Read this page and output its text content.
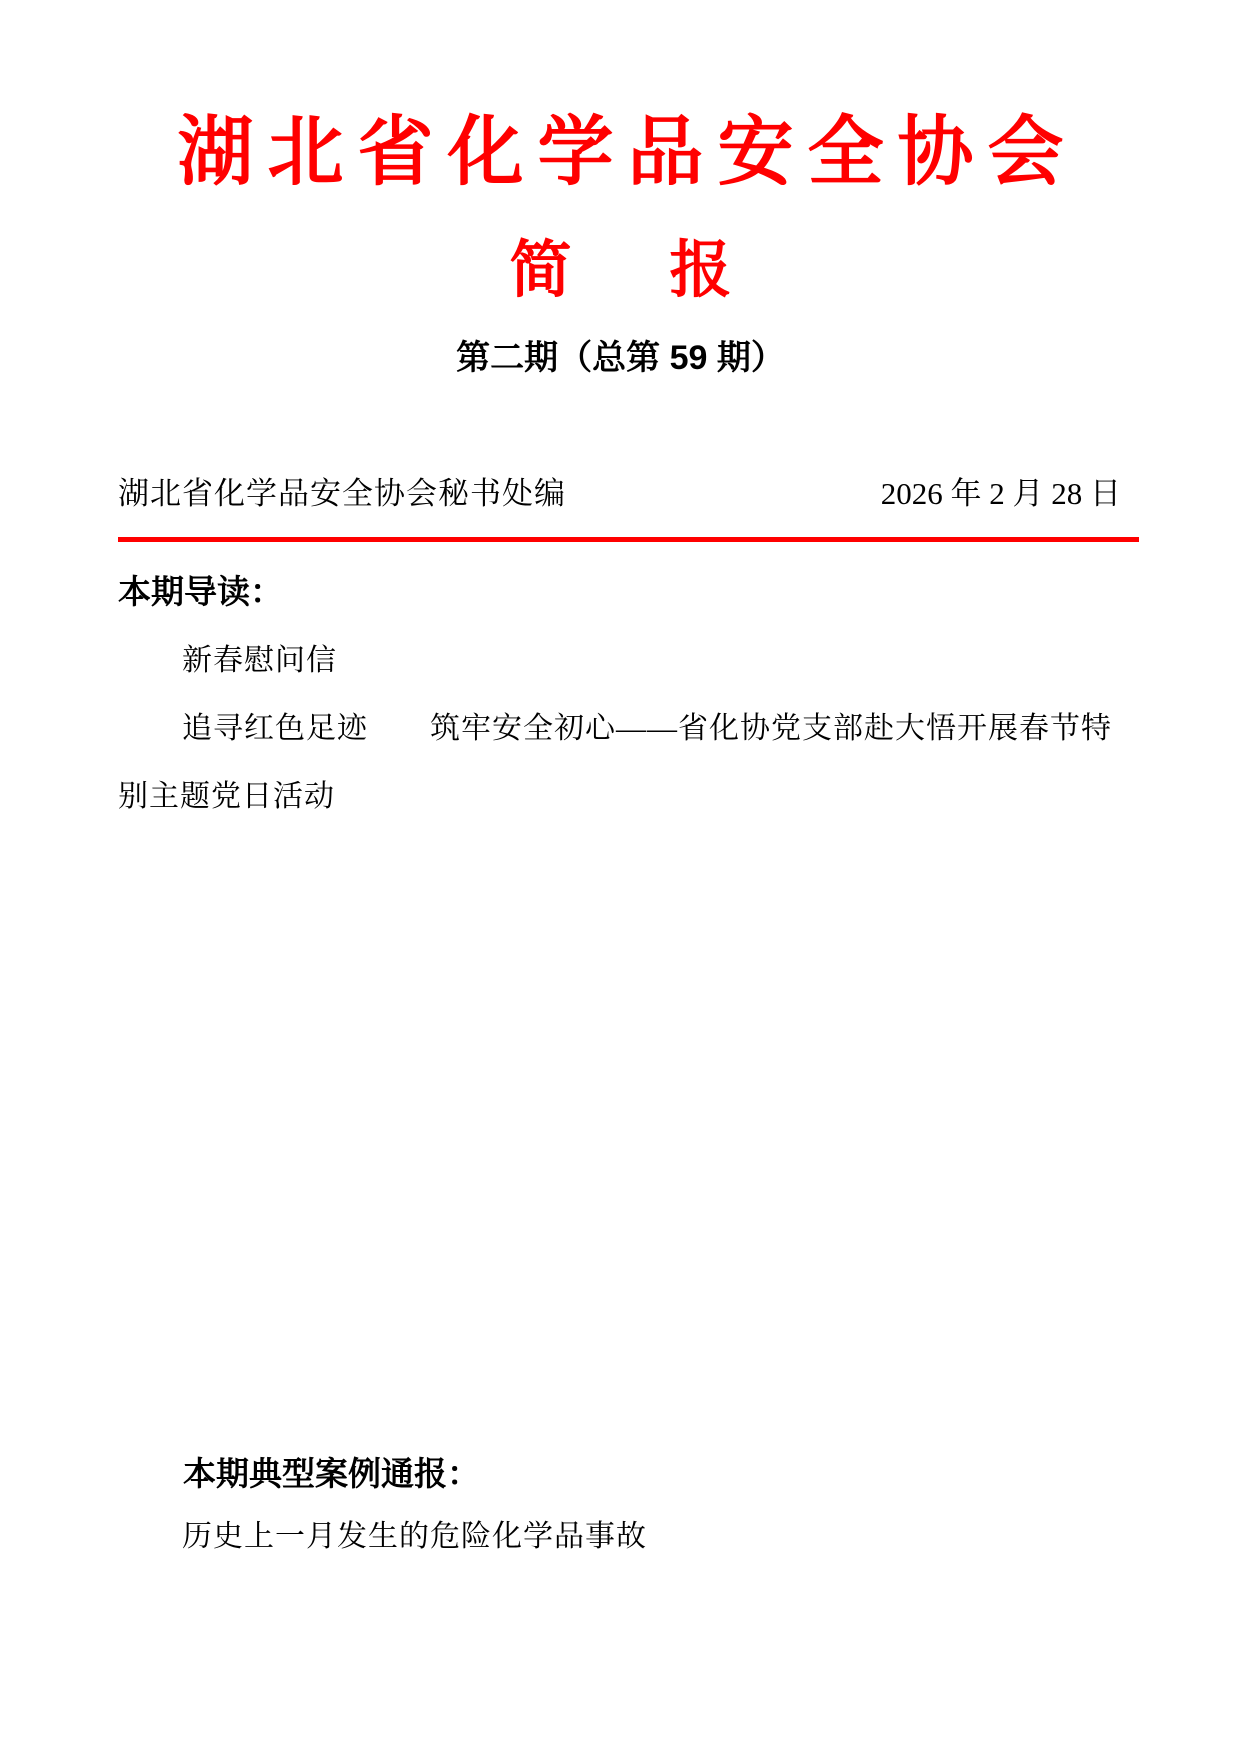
湖北省化学品安全协会
简 报
第二期（总第 59 期）
湖北省化学品安全协会秘书处编	2026 年 2 月 28 日
本期导读：
新春慰问信
追寻红色足迹　　筑牢安全初心——省化协党支部赴大悟开展春节特
别主题党日活动
本期典型案例通报：
历史上一月发生的危险化学品事故
